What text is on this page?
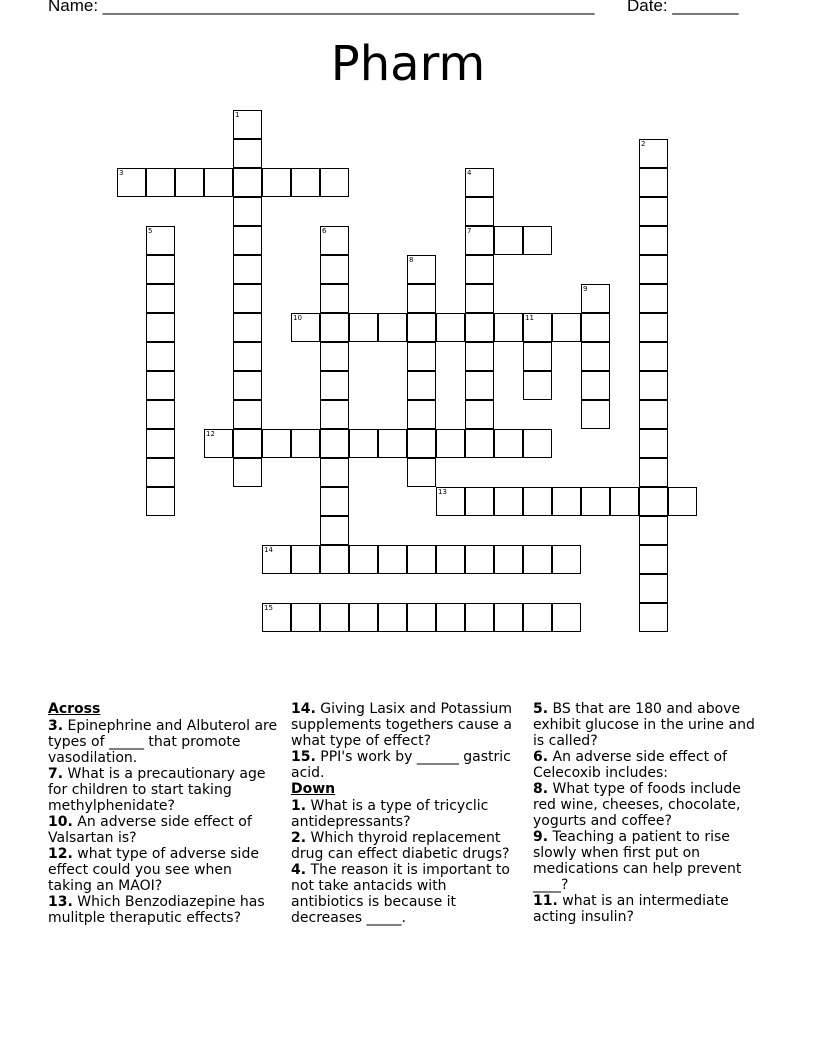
Name: ____________________________________________________ Date: _______
Pharm
3
7
10	11
12
13
14
15
1
2
4
5	6
8
9
Across

3. Epinephrine and Albuterol are types of _____ that promote vasodilation.

7. What is a precautionary age for children to start taking methylphenidate?

10. An adverse side effect of Valsartan is?

12. what type of adverse side effect could you see when taking an MAOI?

13. Which Benzodiazepine has mulitple theraputic effects?

14. Giving Lasix and Potassium supplements togethers cause a what type of effect?

15. PPI's work by ______ gastric acid.

Down

1. What is a type of tricyclic antidepressants?

2. Which thyroid replacement drug can effect diabetic drugs?

4. The reason it is important to not take antacids with antibiotics is because it decreases _____.

5. BS that are 180 and above exhibit glucose in the urine and is called?

6. An adverse side effect of Celecoxib includes:

8. What type of foods include red wine, cheeses, chocolate, yogurts and coffee?

9. Teaching a patient to rise slowly when first put on medications can help prevent ____?

11. what is an intermediate acting insulin?
